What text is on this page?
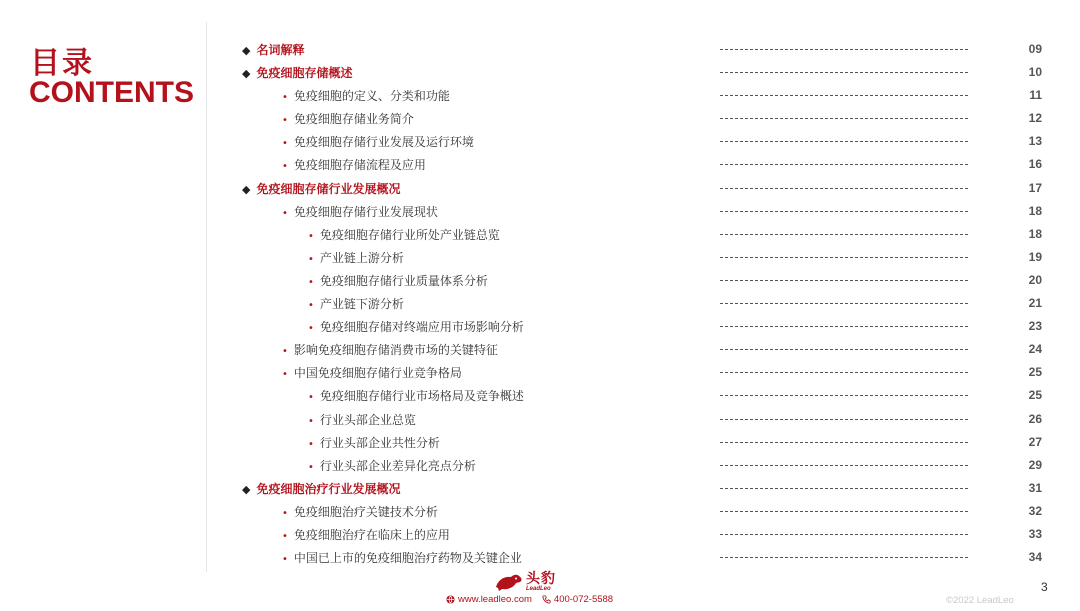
目录
CONTENTS
◆ 名词解释	09
◆ 免疫细胞存储概述	10
• 免疫细胞的定义、分类和功能	11
• 免疫细胞存储业务简介	12
• 免疫细胞存储行业发展及运行环境	13
• 免疫细胞存储流程及应用	16
◆ 免疫细胞存储行业发展概况	17
• 免疫细胞存储行业发展现状	18
• 免疫细胞存储行业所处产业链总览	18
• 产业链上游分析	19
• 免疫细胞存储行业质量体系分析	20
• 产业链下游分析	21
• 免疫细胞存储对终端应用市场影响分析	23
• 影响免疫细胞存储消费市场的关键特征	24
• 中国免疫细胞存储行业竞争格局	25
• 免疫细胞存储行业市场格局及竞争概述	25
• 行业头部企业总览	26
• 行业头部企业共性分析	27
• 行业头部企业差异化亮点分析	29
◆ 免疫细胞治疗行业发展概况	31
• 免疫细胞治疗关键技术分析	32
• 免疫细胞治疗在临床上的应用	33
• 中国已上市的免疫细胞治疗药物及关键企业	34
头豹
LeadLeo
www.leadleo.com 400-072-5588	©2022 LeadLeo
3
